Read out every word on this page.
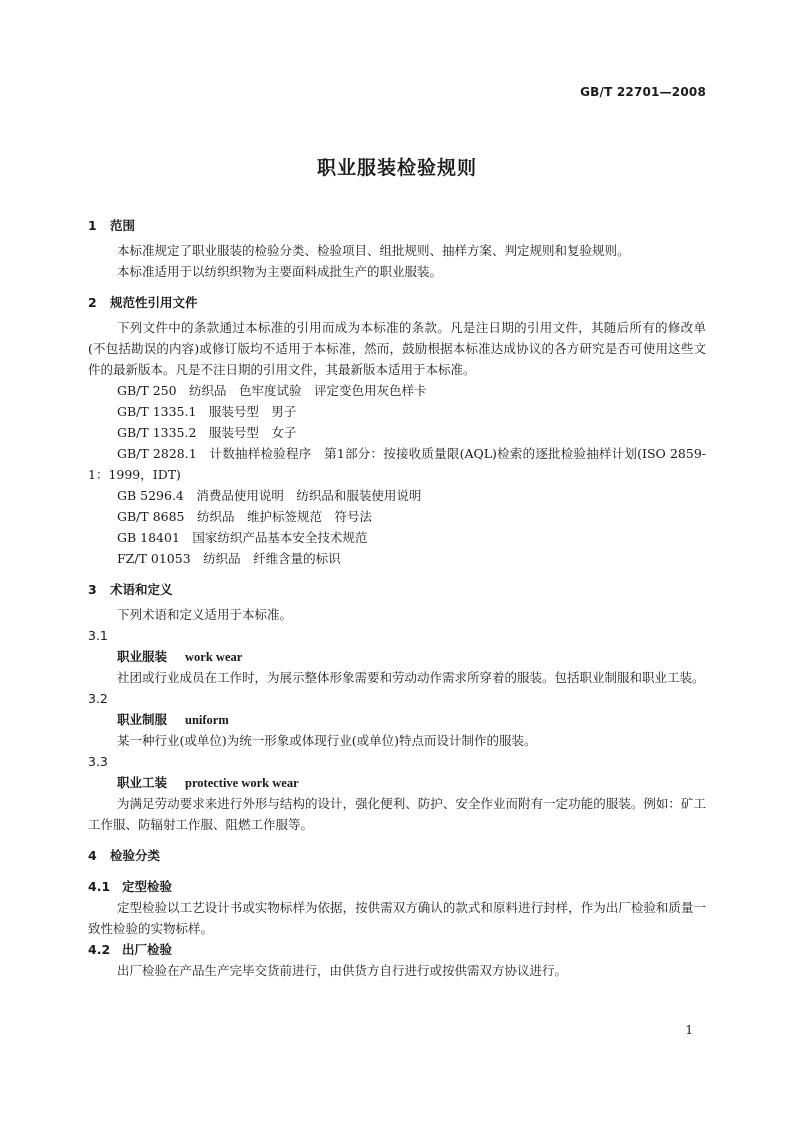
GB/T 22701—2008
职业服装检验规则
1 范围

本标准规定了职业服装的检验分类、检验项目、组批规则、抽样方案、判定规则和复验规则。

本标准适用于以纺织织物为主要面料成批生产的职业服装。

2 规范性引用文件

下列文件中的条款通过本标准的引用而成为本标准的条款。凡是注日期的引用文件，其随后所有的修改单(不包括勘误的内容)或修订版均不适用于本标准，然而，鼓励根据本标准达成协议的各方研究是否可使用这些文件的最新版本。凡是不注日期的引用文件，其最新版本适用于本标准。

GB/T 250　纺织品　色牢度试验　评定变色用灰色样卡
GB/T 1335.1　服装号型　男子
GB/T 1335.2　服装号型　女子

GB/T 2828.1　计数抽样检验程序　第1部分：按接收质量限(AQL)检索的逐批检验抽样计划(ISO 2859-1：1999，IDT)

GB 5296.4　消费品使用说明　纺织品和服装使用说明
GB/T 8685　纺织品　维护标签规范　符号法
GB 18401　国家纺织产品基本安全技术规范
FZ/T 01053　纺织品　纤维含量的标识
3 术语和定义

下列术语和定义适用于本标准。

3.1
职业服装 work wear

社团或行业成员在工作时，为展示整体形象需要和劳动动作需求所穿着的服装。包括职业制服和职业工装。

3.2
职业制服 uniform

某一种行业(或单位)为统一形象或体现行业(或单位)特点而设计制作的服装。

3.3
职业工装 protective work wear

为满足劳动要求来进行外形与结构的设计，强化便利、防护、安全作业而附有一定功能的服装。例如：矿工工作服、防辐射工作服、阻燃工作服等。

4 检验分类
4.1 定型检验

定型检验以工艺设计书或实物标样为依据，按供需双方确认的款式和原料进行封样，作为出厂检验和质量一致性检验的实物标样。

4.2 出厂检验

出厂检验在产品生产完毕交货前进行，由供货方自行进行或按供需双方协议进行。

1
